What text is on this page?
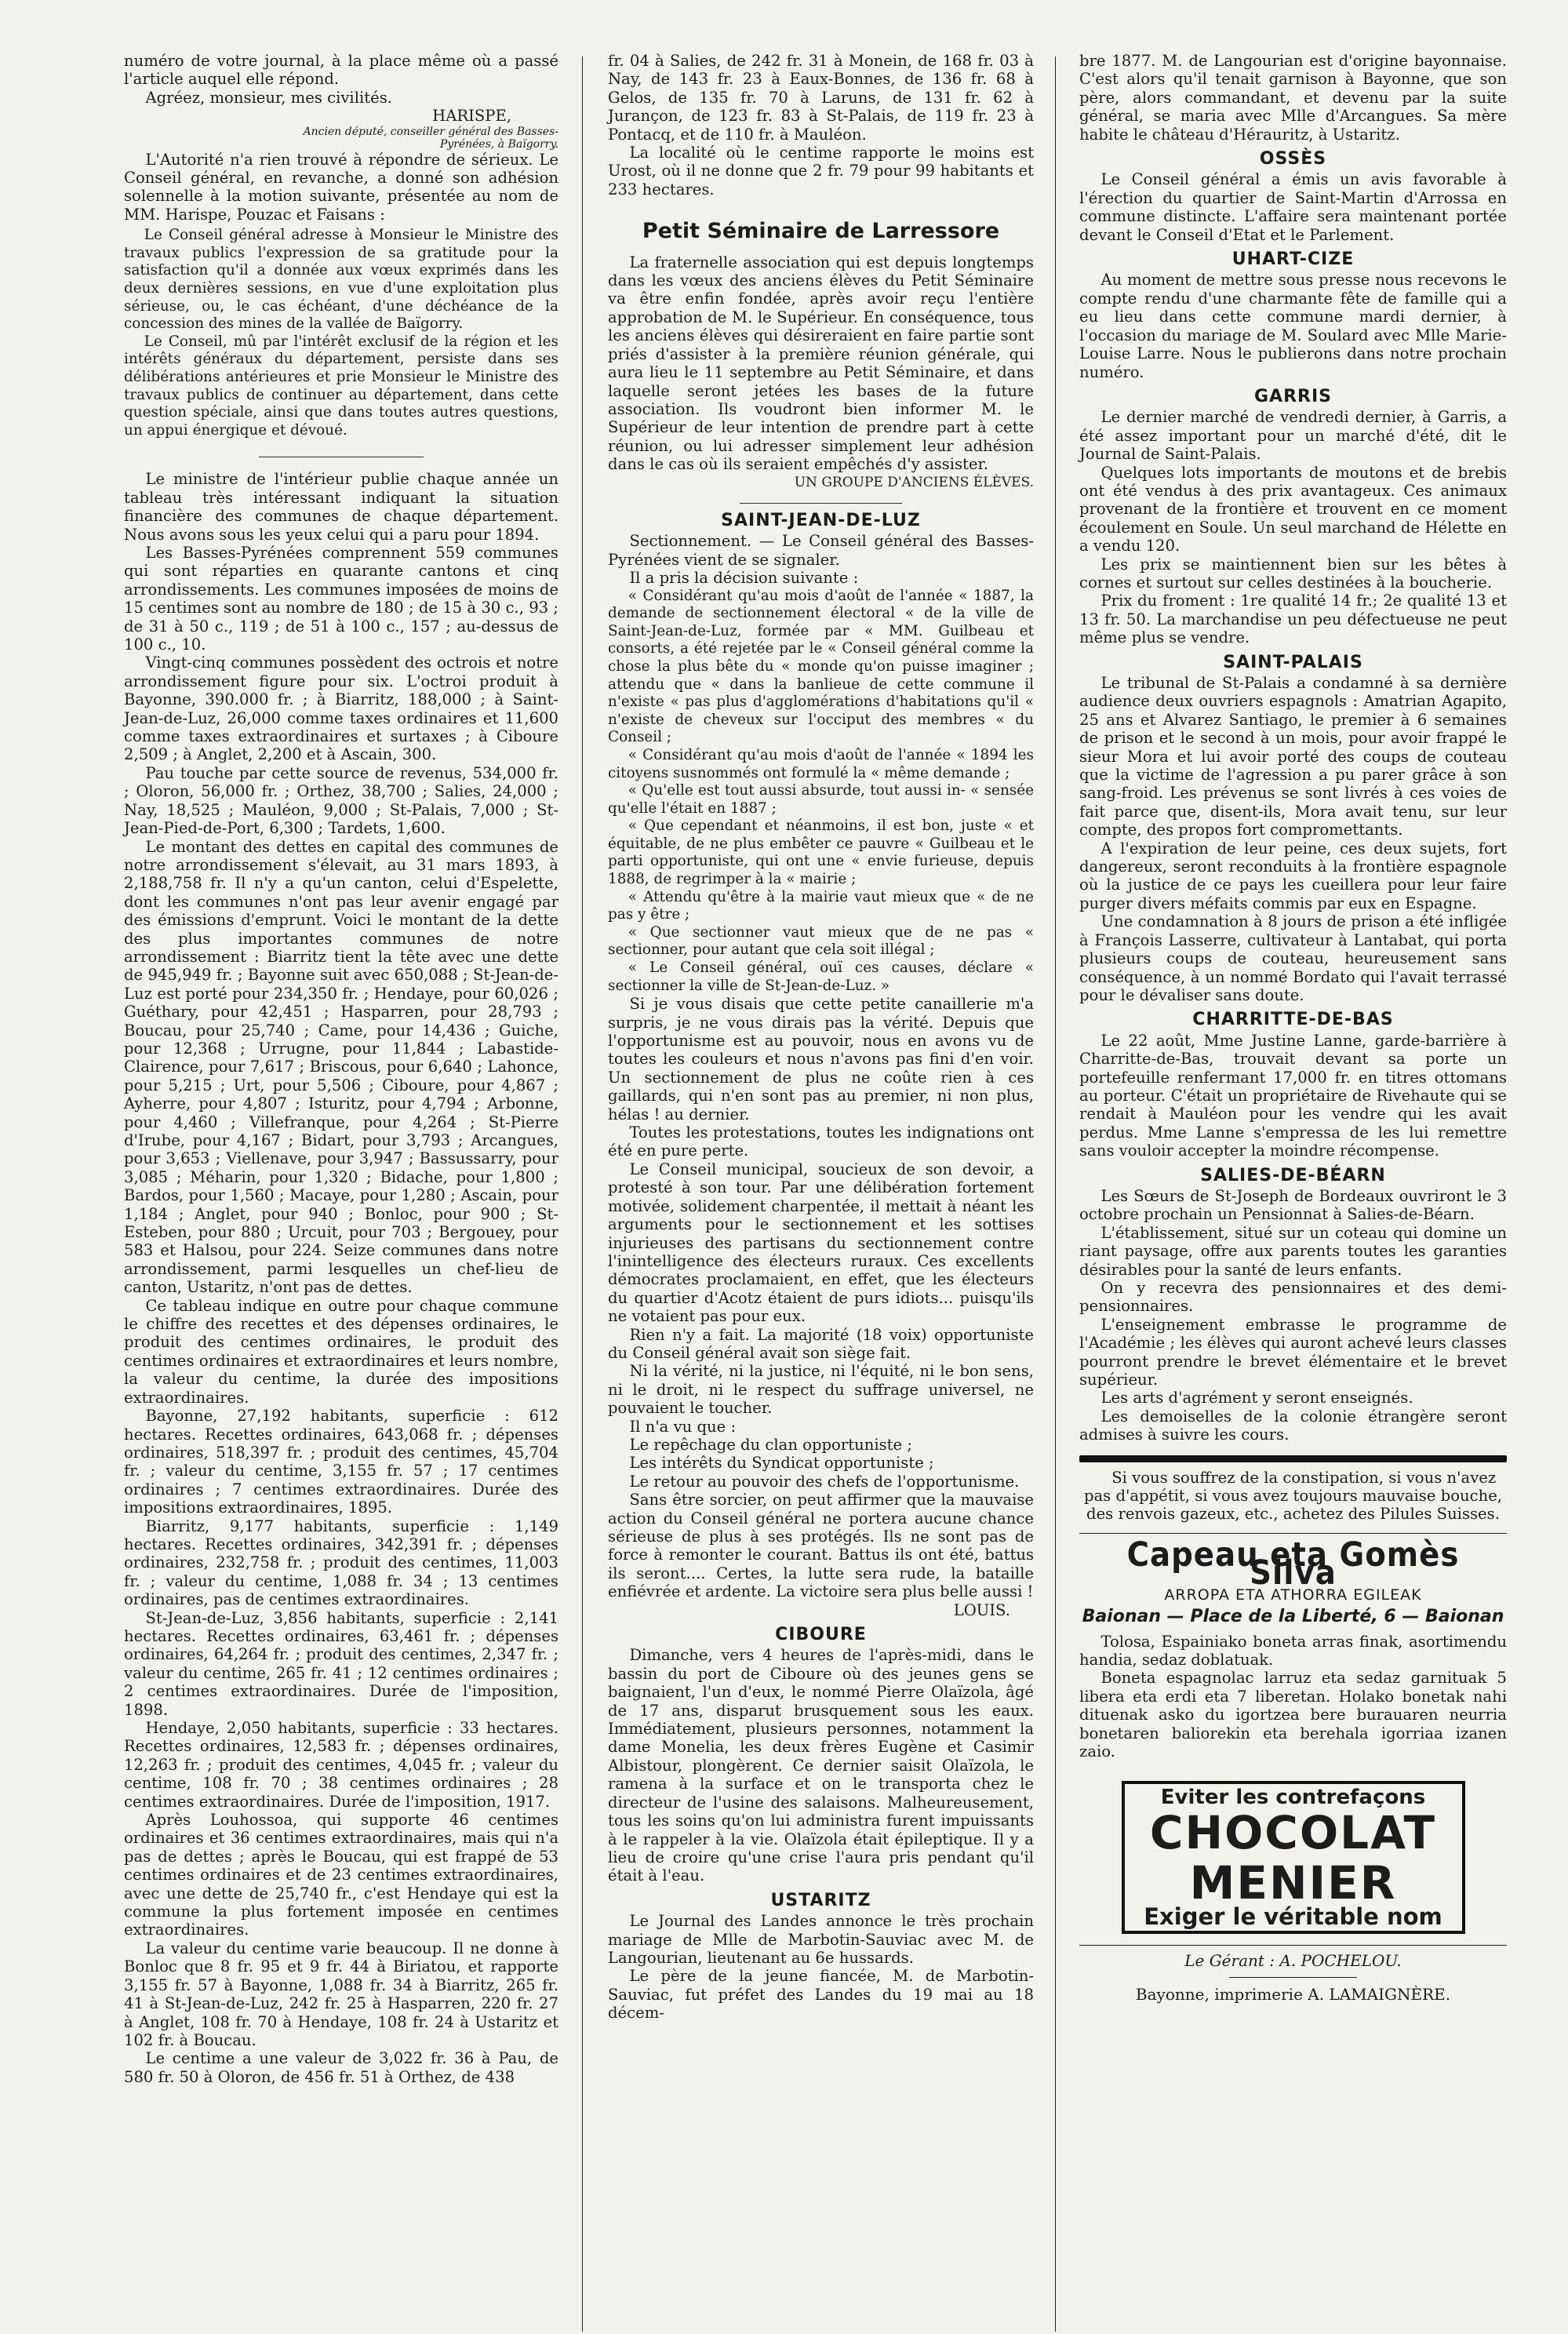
numéro de votre journal, à la place même où a passé l'article auquel elle répond.

Agréez, monsieur, mes civilités.

HARISPE,

Ancien député, conseiller général des Basses-Pyrénées, à Baïgorry.

L'Autorité n'a rien trouvé à répondre de sérieux. Le Conseil général, en revanche, a donné son adhésion solennelle à la motion suivante, présentée au nom de MM. Harispe, Pouzac et Faisans :

Le Conseil général adresse à Monsieur le Ministre des travaux publics l'expression de sa gratitude pour la satisfaction qu'il a donnée aux vœux exprimés dans les deux dernières sessions, en vue d'une exploitation plus sérieuse, ou, le cas échéant, d'une déchéance de la concession des mines de la vallée de Baïgorry.

Le Conseil, mû par l'intérêt exclusif de la région et les intérêts généraux du département, persiste dans ses délibérations antérieures et prie Monsieur le Ministre des travaux publics de continuer au département, dans cette question spéciale, ainsi que dans toutes autres questions, un appui énergique et dévoué.

Le ministre de l'intérieur publie chaque année un tableau très intéressant indiquant la situation financière des communes de chaque département. Nous avons sous les yeux celui qui a paru pour 1894.

Les Basses-Pyrénées comprennent 559 communes qui sont réparties en quarante cantons et cinq arrondissements. Les communes imposées de moins de 15 centimes sont au nombre de 180 ; de 15 à 30 c., 93 ; de 31 à 50 c., 119 ; de 51 à 100 c., 157 ; au-dessus de 100 c., 10.

Vingt-cinq communes possèdent des octrois et notre arrondissement figure pour six. L'octroi produit à Bayonne, 390.000 fr. ; à Biarritz, 188,000 ; à Saint-Jean-de-Luz, 26,000 comme taxes ordinaires et 11,600 comme taxes extraordinaires et surtaxes ; à Ciboure 2,509 ; à Anglet, 2,200 et à Ascain, 300.

Pau touche par cette source de revenus, 534,000 fr. ; Oloron, 56,000 fr. ; Orthez, 38,700 ; Salies, 24,000 ; Nay, 18,525 ; Mauléon, 9,000 ; St-Palais, 7,000 ; St-Jean-Pied-de-Port, 6,300 ; Tardets, 1,600.

Le montant des dettes en capital des communes de notre arrondissement s'élevait, au 31 mars 1893, à 2,188,758 fr. Il n'y a qu'un canton, celui d'Espelette, dont les communes n'ont pas leur avenir engagé par des émissions d'emprunt. Voici le montant de la dette des plus importantes communes de notre arrondissement : Biarritz tient la tête avec une dette de 945,949 fr. ; Bayonne suit avec 650,088 ; St-Jean-de-Luz est porté pour 234,350 fr. ; Hendaye, pour 60,026 ; Guéthary, pour 42,451 ; Hasparren, pour 28,793 ; Boucau, pour 25,740 ; Came, pour 14,436 ; Guiche, pour 12,368 ; Urrugne, pour 11,844 ; Labastide-Clairence, pour 7,617 ; Briscous, pour 6,640 ; Lahonce, pour 5,215 ; Urt, pour 5,506 ; Ciboure, pour 4,867 ; Ayherre, pour 4,807 ; Isturitz, pour 4,794 ; Arbonne, pour 4,460 ; Villefranque, pour 4,264 ; St-Pierre d'Irube, pour 4,167 ; Bidart, pour 3,793 ; Arcangues, pour 3,653 ; Viellenave, pour 3,947 ; Bassussarry, pour 3,085 ; Méharin, pour 1,320 ; Bidache, pour 1,800 ; Bardos, pour 1,560 ; Macaye, pour 1,280 ; Ascain, pour 1,184 ; Anglet, pour 940 ; Bonloc, pour 900 ; St-Esteben, pour 880 ; Urcuit, pour 703 ; Bergouey, pour 583 et Halsou, pour 224. Seize communes dans notre arrondissement, parmi lesquelles un chef-lieu de canton, Ustaritz, n'ont pas de dettes.

Ce tableau indique en outre pour chaque commune le chiffre des recettes et des dépenses ordinaires, le produit des centimes ordinaires, le produit des centimes ordinaires et extraordinaires et leurs nombre, la valeur du centime, la durée des impositions extraordinaires.

Bayonne, 27,192 habitants, superficie : 612 hectares. Recettes ordinaires, 643,068 fr. ; dépenses ordinaires, 518,397 fr. ; produit des centimes, 45,704 fr. ; valeur du centime, 3,155 fr. 57 ; 17 centimes ordinaires ; 7 centimes extraordinaires. Durée des impositions extraordinaires, 1895.

Biarritz, 9,177 habitants, superficie : 1,149 hectares. Recettes ordinaires, 342,391 fr. ; dépenses ordinaires, 232,758 fr. ; produit des centimes, 11,003 fr. ; valeur du centime, 1,088 fr. 34 ; 13 centimes ordinaires, pas de centimes extraordinaires.

St-Jean-de-Luz, 3,856 habitants, superficie : 2,141 hectares. Recettes ordinaires, 63,461 fr. ; dépenses ordinaires, 64,264 fr. ; produit des centimes, 2,347 fr. ; valeur du centime, 265 fr. 41 ; 12 centimes ordinaires ; 2 centimes extraordinaires. Durée de l'imposition, 1898.

Hendaye, 2,050 habitants, superficie : 33 hectares. Recettes ordinaires, 12,583 fr. ; dépenses ordinaires, 12,263 fr. ; produit des centimes, 4,045 fr. ; valeur du centime, 108 fr. 70 ; 38 centimes ordinaires ; 28 centimes extraordinaires. Durée de l'imposition, 1917.

Après Louhossoa, qui supporte 46 centimes ordinaires et 36 centimes extraordinaires, mais qui n'a pas de dettes ; après le Boucau, qui est frappé de 53 centimes ordinaires et de 23 centimes extraordinaires, avec une dette de 25,740 fr., c'est Hendaye qui est la commune la plus fortement imposée en centimes extraordinaires.

La valeur du centime varie beaucoup. Il ne donne à Bonloc que 8 fr. 95 et 9 fr. 44 à Biriatou, et rapporte 3,155 fr. 57 à Bayonne, 1,088 fr. 34 à Biarritz, 265 fr. 41 à St-Jean-de-Luz, 242 fr. 25 à Hasparren, 220 fr. 27 à Anglet, 108 fr. 70 à Hendaye, 108 fr. 24 à Ustaritz et 102 fr. à Boucau.

Le centime a une valeur de 3,022 fr. 36 à Pau, de 580 fr. 50 à Oloron, de 456 fr. 51 à Orthez, de 438

fr. 04 à Salies, de 242 fr. 31 à Monein, de 168 fr. 03 à Nay, de 143 fr. 23 à Eaux-Bonnes, de 136 fr. 68 à Gelos, de 135 fr. 70 à Laruns, de 131 fr. 62 à Jurançon, de 123 fr. 83 à St-Palais, de 119 fr. 23 à Pontacq, et de 110 fr. à Mauléon.

La localité où le centime rapporte le moins est Urost, où il ne donne que 2 fr. 79 pour 99 habitants et 233 hectares.

Petit Séminaire de Larressore

La fraternelle association qui est depuis longtemps dans les vœux des anciens élèves du Petit Séminaire va être enfin fondée, après avoir reçu l'entière approbation de M. le Supérieur. En conséquence, tous les anciens élèves qui désireraient en faire partie sont priés d'assister à la première réunion générale, qui aura lieu le 11 septembre au Petit Séminaire, et dans laquelle seront jetées les bases de la future association. Ils voudront bien informer M. le Supérieur de leur intention de prendre part à cette réunion, ou lui adresser simplement leur adhésion dans le cas où ils seraient empêchés d'y assister.

UN GROUPE D'ANCIENS ÉLÈVES.

SAINT-JEAN-DE-LUZ

Sectionnement. — Le Conseil général des Basses-Pyrénées vient de se signaler.

Il a pris la décision suivante :

« Considérant qu'au mois d'août de l'année « 1887, la demande de sectionnement électoral « de la ville de Saint-Jean-de-Luz, formée par « MM. Guilbeau et consorts, a été rejetée par le « Conseil général comme la chose la plus bête du « monde qu'on puisse imaginer ; attendu que « dans la banlieue de cette commune il n'existe « pas plus d'agglomérations d'habitations qu'il « n'existe de cheveux sur l'occiput des membres « du Conseil ;

« Considérant qu'au mois d'août de l'année « 1894 les citoyens susnommés ont formulé la « même demande ;

« Qu'elle est tout aussi absurde, tout aussi in- « sensée qu'elle l'était en 1887 ;

« Que cependant et néanmoins, il est bon, juste « et équitable, de ne plus embêter ce pauvre « Guilbeau et le parti opportuniste, qui ont une « envie furieuse, depuis 1888, de regrimper à la « mairie ;

« Attendu qu'être à la mairie vaut mieux que « de ne pas y être ;

« Que sectionner vaut mieux que de ne pas « sectionner, pour autant que cela soit illégal ;

« Le Conseil général, ouï ces causes, déclare « sectionner la ville de St-Jean-de-Luz. »

Si je vous disais que cette petite canaillerie m'a surpris, je ne vous dirais pas la vérité. Depuis que l'opportunisme est au pouvoir, nous en avons vu de toutes les couleurs et nous n'avons pas fini d'en voir. Un sectionnement de plus ne coûte rien à ces gaillards, qui n'en sont pas au premier, ni non plus, hélas ! au dernier.

Toutes les protestations, toutes les indignations ont été en pure perte.

Le Conseil municipal, soucieux de son devoir, a protesté à son tour. Par une délibération fortement motivée, solidement charpentée, il mettait à néant les arguments pour le sectionnement et les sottises injurieuses des partisans du sectionnement contre l'inintelligence des électeurs ruraux. Ces excellents démocrates proclamaient, en effet, que les électeurs du quartier d'Acotz étaient de purs idiots... puisqu'ils ne votaient pas pour eux.

Rien n'y a fait. La majorité (18 voix) opportuniste du Conseil général avait son siège fait.

Ni la vérité, ni la justice, ni l'équité, ni le bon sens, ni le droit, ni le respect du suffrage universel, ne pouvaient le toucher.

Il n'a vu que :

Le repêchage du clan opportuniste ;

Les intérêts du Syndicat opportuniste ;

Le retour au pouvoir des chefs de l'opportunisme.

Sans être sorcier, on peut affirmer que la mauvaise action du Conseil général ne portera aucune chance sérieuse de plus à ses protégés. Ils ne sont pas de force à remonter le courant. Battus ils ont été, battus ils seront.... Certes, la lutte sera rude, la bataille enfiévrée et ardente. La victoire sera plus belle aussi !

LOUIS.

CIBOURE

Dimanche, vers 4 heures de l'après-midi, dans le bassin du port de Ciboure où des jeunes gens se baignaient, l'un d'eux, le nommé Pierre Olaïzola, âgé de 17 ans, disparut brusquement sous les eaux. Immédiatement, plusieurs personnes, notamment la dame Monelia, les deux frères Eugène et Casimir Albistour, plongèrent. Ce dernier saisit Olaïzola, le ramena à la surface et on le transporta chez le directeur de l'usine des salaisons. Malheureusement, tous les soins qu'on lui administra furent impuissants à le rappeler à la vie. Olaïzola était épileptique. Il y a lieu de croire qu'une crise l'aura pris pendant qu'il était à l'eau.

USTARITZ

Le Journal des Landes annonce le très prochain mariage de Mlle de Marbotin-Sauviac avec M. de Langourian, lieutenant au 6e hussards.

Le père de la jeune fiancée, M. de Marbotin-Sauviac, fut préfet des Landes du 19 mai au 18 décem-

bre 1877. M. de Langourian est d'origine bayonnaise. C'est alors qu'il tenait garnison à Bayonne, que son père, alors commandant, et devenu par la suite général, se maria avec Mlle d'Arcangues. Sa mère habite le château d'Hérauritz, à Ustaritz.

OSSÈS

Le Conseil général a émis un avis favorable à l'érection du quartier de Saint-Martin d'Arrossa en commune distincte. L'affaire sera maintenant portée devant le Conseil d'Etat et le Parlement.

UHART-CIZE

Au moment de mettre sous presse nous recevons le compte rendu d'une charmante fête de famille qui a eu lieu dans cette commune mardi dernier, à l'occasion du mariage de M. Soulard avec Mlle Marie-Louise Larre. Nous le publierons dans notre prochain numéro.

GARRIS

Le dernier marché de vendredi dernier, à Garris, a été assez important pour un marché d'été, dit le Journal de Saint-Palais.

Quelques lots importants de moutons et de brebis ont été vendus à des prix avantageux. Ces animaux provenant de la frontière et trouvent en ce moment écoulement en Soule. Un seul marchand de Hélette en a vendu 120.

Les prix se maintiennent bien sur les bêtes à cornes et surtout sur celles destinées à la boucherie.

Prix du froment : 1re qualité 14 fr.; 2e qualité 13 et 13 fr. 50. La marchandise un peu défectueuse ne peut même plus se vendre.

SAINT-PALAIS

Le tribunal de St-Palais a condamné à sa dernière audience deux ouvriers espagnols : Amatrian Agapito, 25 ans et Alvarez Santiago, le premier à 6 semaines de prison et le second à un mois, pour avoir frappé le sieur Mora et lui avoir porté des coups de couteau que la victime de l'agression a pu parer grâce à son sang-froid. Les prévenus se sont livrés à ces voies de fait parce que, disent-ils, Mora avait tenu, sur leur compte, des propos fort compromettants.

A l'expiration de leur peine, ces deux sujets, fort dangereux, seront reconduits à la frontière espagnole où la justice de ce pays les cueillera pour leur faire purger divers méfaits commis par eux en Espagne.

Une condamnation à 8 jours de prison a été infligée à François Lasserre, cultivateur à Lantabat, qui porta plusieurs coups de couteau, heureusement sans conséquence, à un nommé Bordato qui l'avait terrassé pour le dévaliser sans doute.

CHARRITTE-DE-BAS

Le 22 août, Mme Justine Lanne, garde-barrière à Charritte-de-Bas, trouvait devant sa porte un portefeuille renfermant 17,000 fr. en titres ottomans au porteur. C'était un propriétaire de Rivehaute qui se rendait à Mauléon pour les vendre qui les avait perdus. Mme Lanne s'empressa de les lui remettre sans vouloir accepter la moindre récompense.

SALIES-DE-BÉARN

Les Sœurs de St-Joseph de Bordeaux ouvriront le 3 octobre prochain un Pensionnat à Salies-de-Béarn.

L'établissement, situé sur un coteau qui domine un riant paysage, offre aux parents toutes les garanties désirables pour la santé de leurs enfants.

On y recevra des pensionnaires et des demi-pensionnaires.

L'enseignement embrasse le programme de l'Académie ; les élèves qui auront achevé leurs classes pourront prendre le brevet élémentaire et le brevet supérieur.

Les arts d'agrément y seront enseignés.

Les demoiselles de la colonie étrangère seront admises à suivre les cours.

Si vous souffrez de la constipation, si vous n'avez pas d'appétit, si vous avez toujours mauvaise bouche, des renvois gazeux, etc., achetez des Pilules Suisses.

Capeau eta Gomès Silva
ARROPA ETA ATHORRA EGILEAK
Baionan — Place de la Liberté, 6 — Baionan

Tolosa, Espainiako boneta arras finak, asortimendu handia, sedaz doblatuak.

Boneta espagnolac larruz eta sedaz garnituak 5 libera eta erdi eta 7 liberetan. Holako bonetak nahi dituenak asko du igortzea bere burauaren neurria bonetaren baliorekin eta berehala igorriaa izanen zaio.

Eviter les contrefaçons
CHOCOLAT
MENIER
Exiger le véritable nom
Le Gérant : A. POCHELOU.
Bayonne, imprimerie A. LAMAIGNÈRE.
